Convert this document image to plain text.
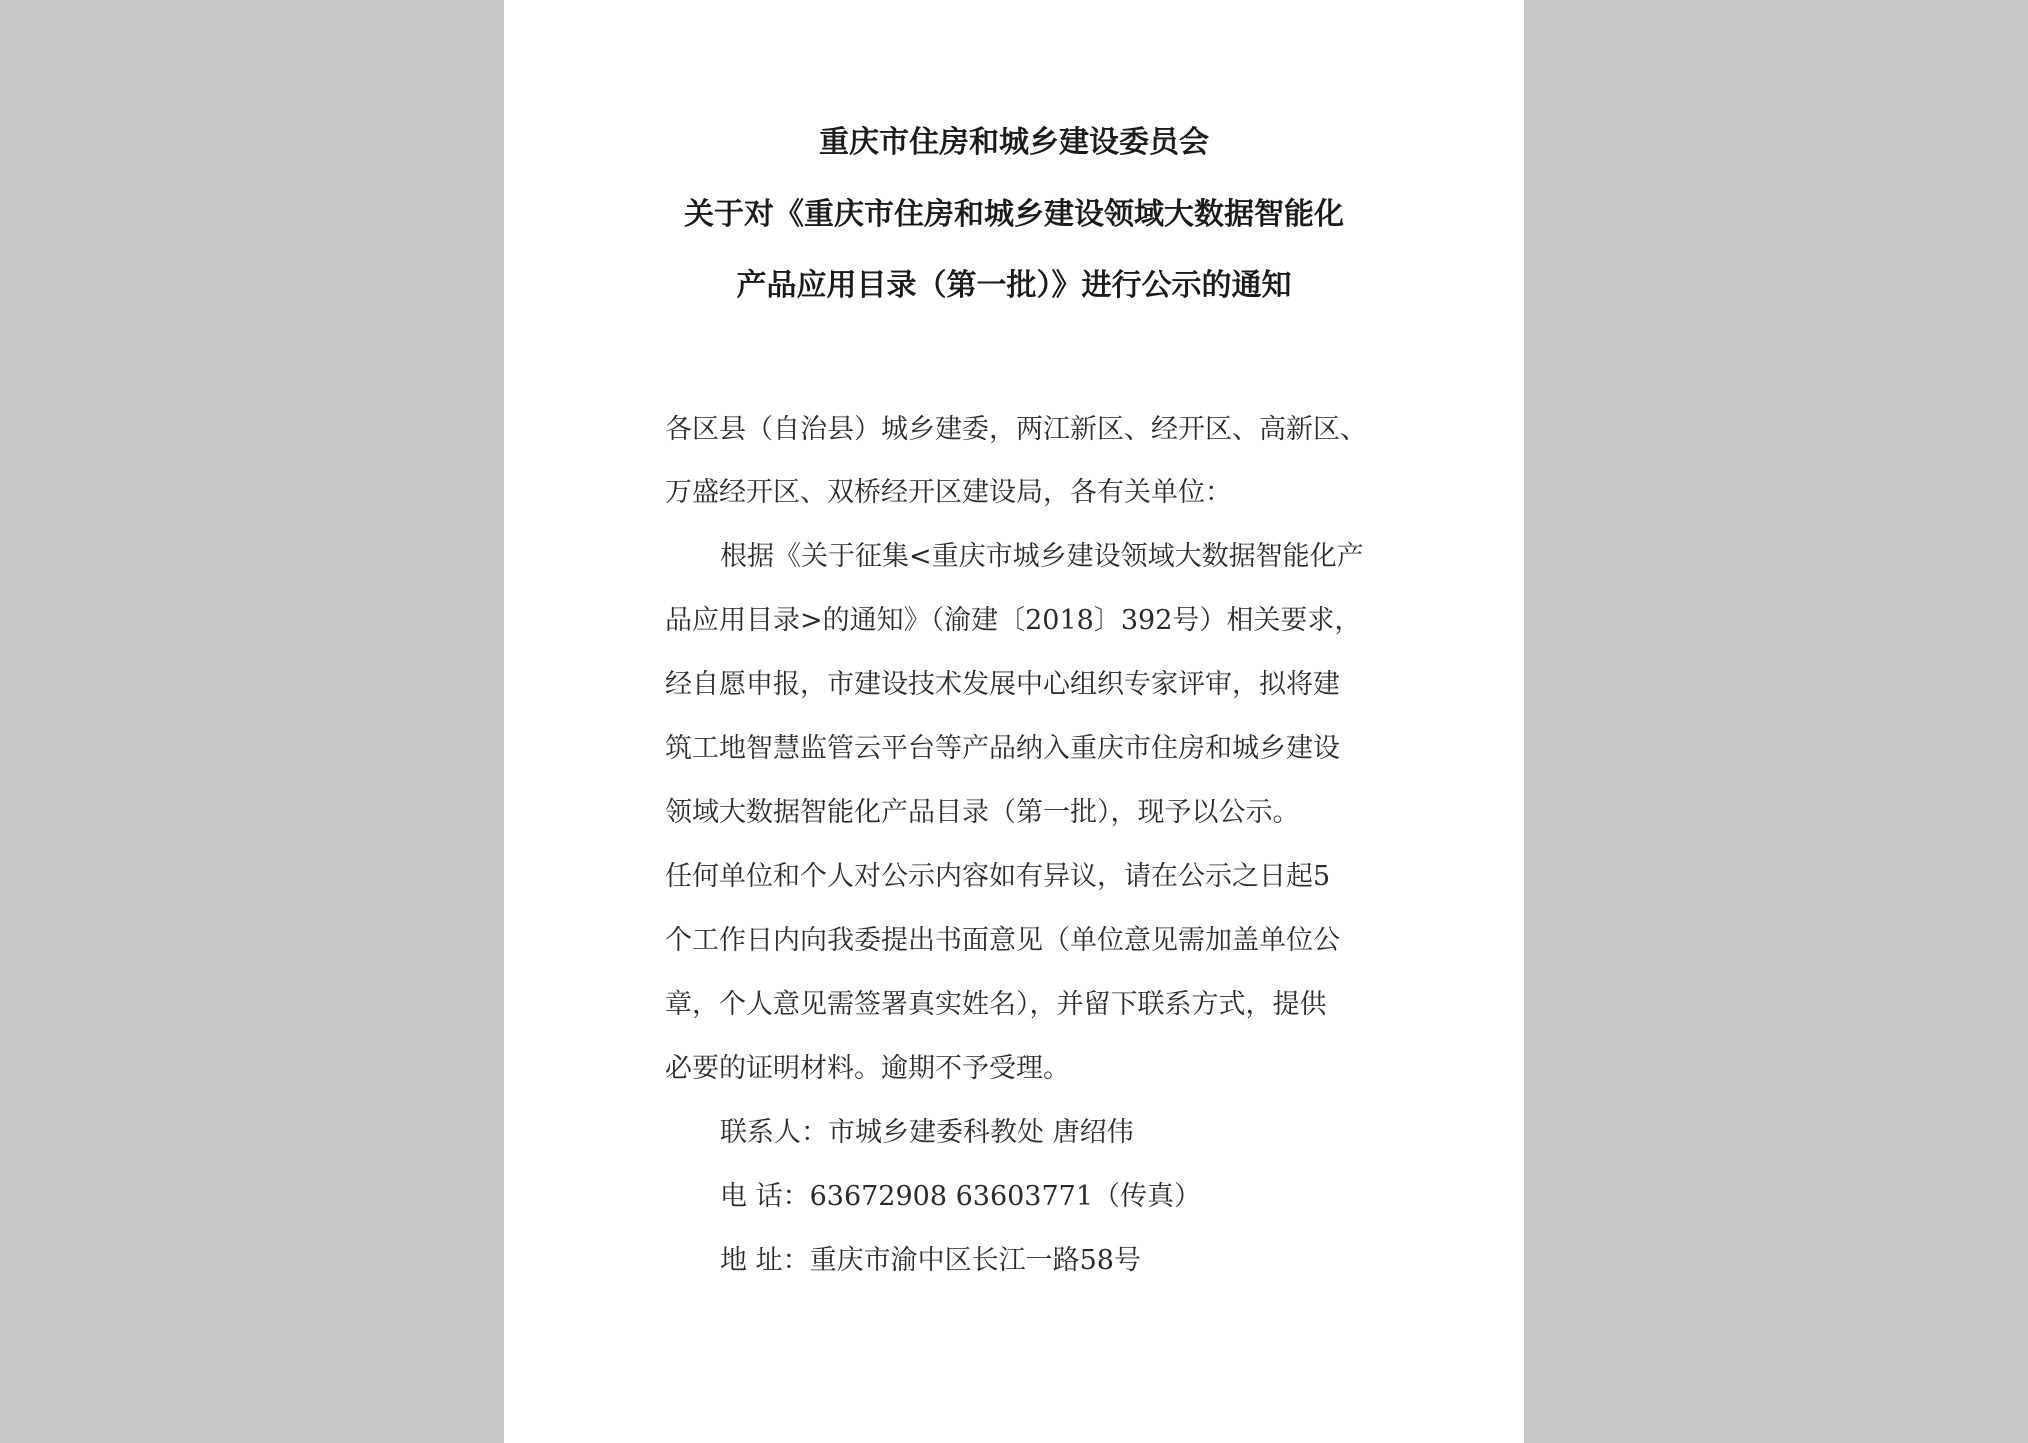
重庆市住房和城乡建设委员会
关于对《重庆市住房和城乡建设领域大数据智能化
产品应用目录（第一批）》进行公示的通知
各区县（自治县）城乡建委，两江新区、经开区、高新区、
万盛经开区、双桥经开区建设局，各有关单位：
根据《关于征集<重庆市城乡建设领域大数据智能化产
品应用目录>的通知》（渝建〔2018〕392号）相关要求，
经自愿申报，市建设技术发展中心组织专家评审，拟将建
筑工地智慧监管云平台等产品纳入重庆市住房和城乡建设
领域大数据智能化产品目录（第一批），现予以公示。
任何单位和个人对公示内容如有异议，请在公示之日起5
个工作日内向我委提出书面意见（单位意见需加盖单位公
章，个人意见需签署真实姓名），并留下联系方式，提供
必要的证明材料。逾期不予受理。
联系人：市城乡建委科教处 唐绍伟
电 话：63672908 63603771（传真）
地 址：重庆市渝中区长江一路58号
